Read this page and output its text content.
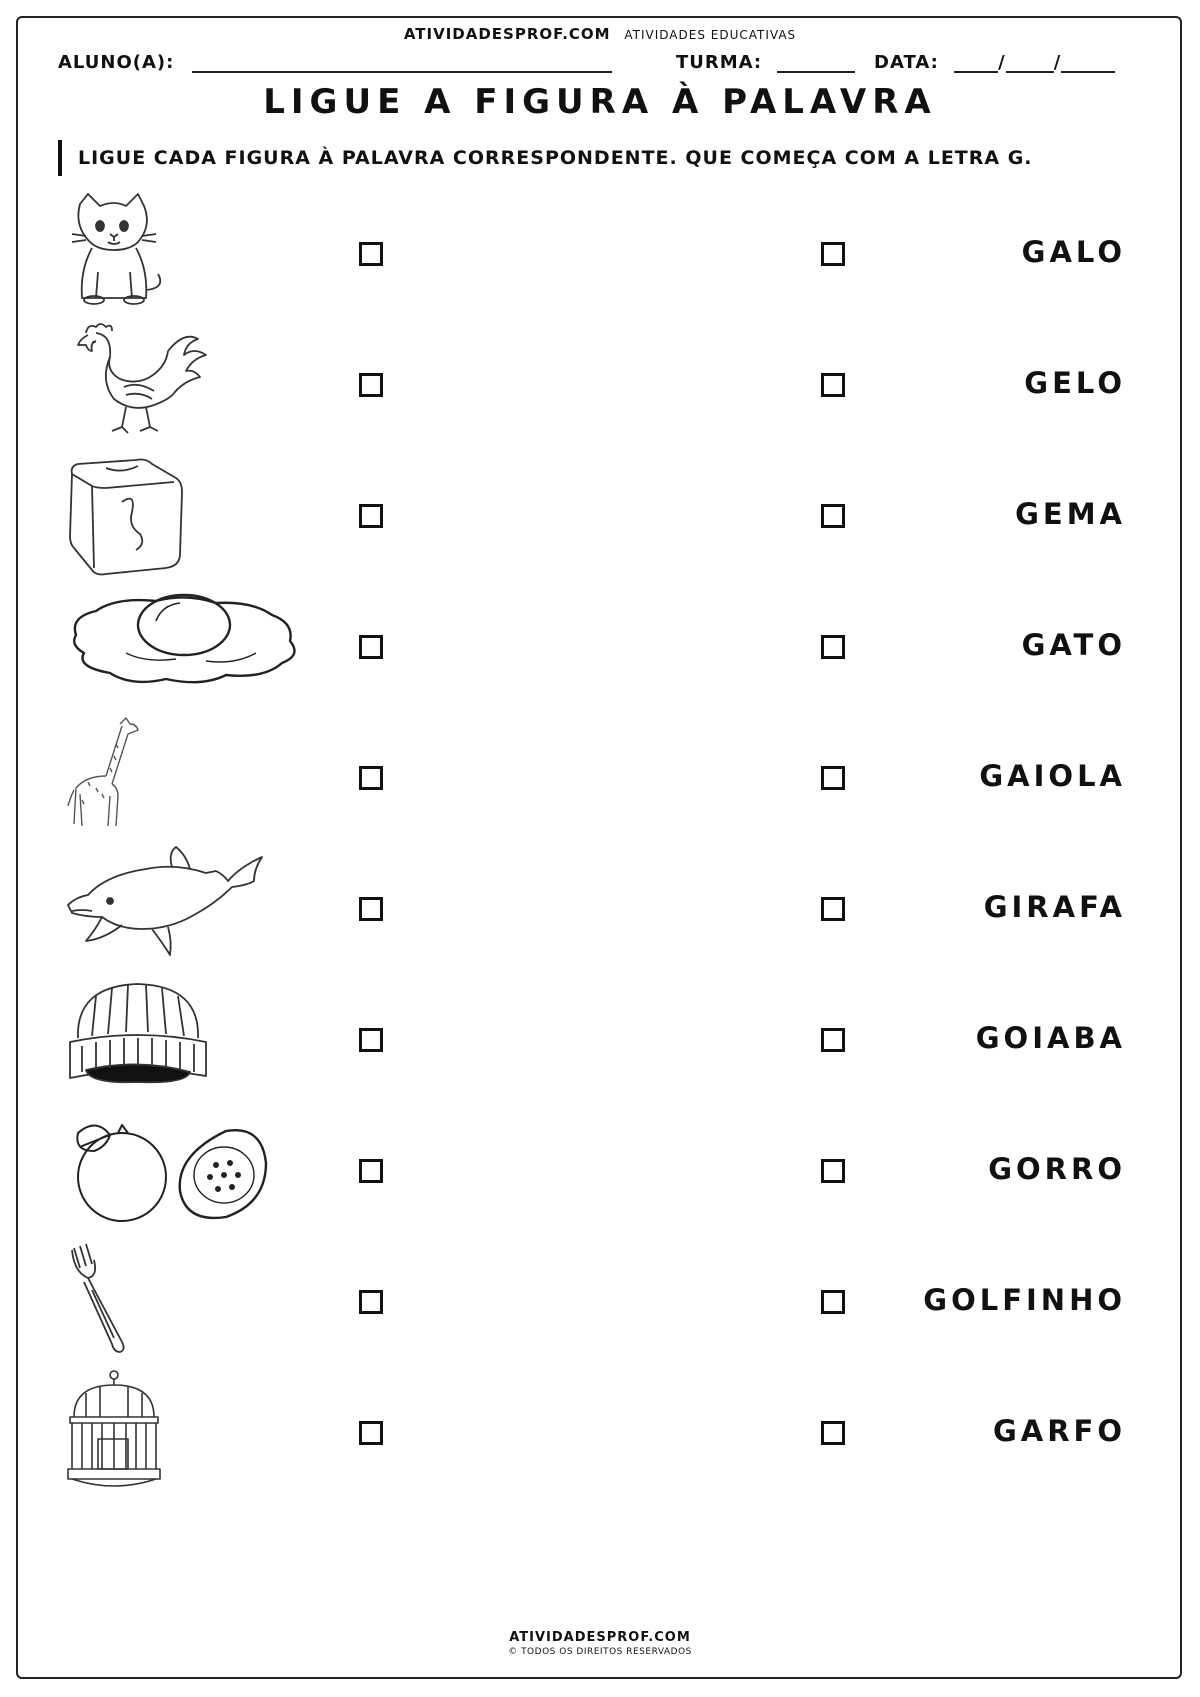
ATIVIDADESPROF.COM ATIVIDADES EDUCATIVAS
ALUNO(A):	TURMA:	DATA:	/	/
LIGUE A FIGURA À PALAVRA
LIGUE CADA FIGURA À PALAVRA CORRESPONDENTE. QUE COMEÇA COM A LETRA G.
GALO
GELO
GEMA
GATO
GAIOLA
GIRAFA
GOIABA
GORRO
GOLFINHO
GARFO
ATIVIDADESPROF.COM
© TODOS OS DIREITOS RESERVADOS
